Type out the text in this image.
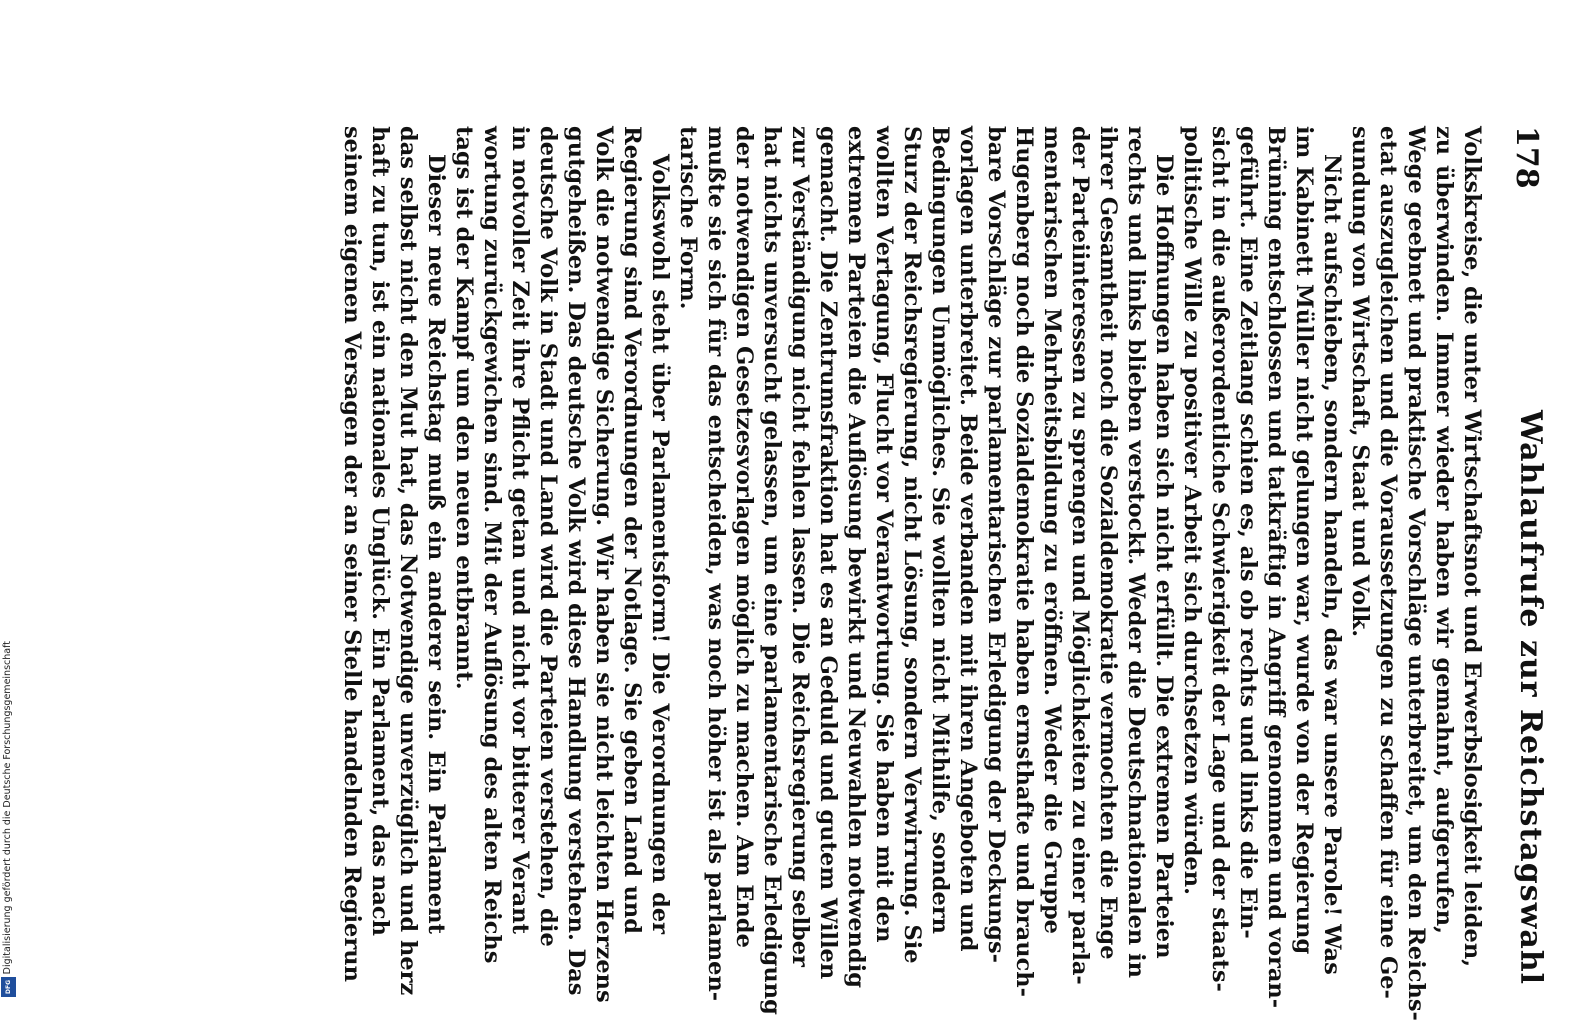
178
Wahlaufrufe zur Reichstagswahl
Volkskreise, die unter Wirtschaftsnot und Erwerbslosigkeit leiden,
zu überwinden. Immer wieder haben wir gemahnt, aufgerufen,
Wege geebnet und praktische Vorschläge unterbreitet, um den Reichs-
etat auszugleichen und die Voraussetzungen zu schaffen für eine Ge-
sundung von Wirtschaft, Staat und Volk.
Nicht aufschieben, sondern handeln, das war unsere Parole! Was
im Kabinett Müller nicht gelungen war, wurde von der Regierung
Brüning entschlossen und tatkräftig in Angriff genommen und voran-
geführt. Eine Zeitlang schien es, als ob rechts und links die Ein-
sicht in die außerordentliche Schwierigkeit der Lage und der staats-
politische Wille zu positiver Arbeit sich durchsetzen würden.
Die Hoffnungen haben sich nicht erfüllt. Die extremen Parteien
rechts und links blieben verstockt. Weder die Deutschnationalen in
ihrer Gesamtheit noch die Sozialdemokratie vermochten die Enge
der Parteiinteressen zu sprengen und Möglichkeiten zu einer parla-
mentarischen Mehrheitsbildung zu eröffnen. Weder die Gruppe
Hugenberg noch die Sozialdemokratie haben ernsthafte und brauch-
bare Vorschläge zur parlamentarischen Erledigung der Deckungs-
vorlagen unterbreitet. Beide verbanden mit ihren Angeboten und
Bedingungen Unmögliches. Sie wollten nicht Mithilfe, sondern
Sturz der Reichsregierung, nicht Lösung, sondern Verwirrung. Sie
wollten Vertagung, Flucht vor Verantwortung. Sie haben mit den
extremen Parteien die Auflösung bewirkt und Neuwahlen notwendig
gemacht. Die Zentrumsfraktion hat es an Geduld und gutem Willen
zur Verständigung nicht fehlen lassen. Die Reichsregierung selber
hat nichts unversucht gelassen, um eine parlamentarische Erledigung
der notwendigen Gesetzesvorlagen möglich zu machen. Am Ende
mußte sie sich für das entscheiden, was noch höher ist als parlamen-
tarische Form.
Volkswohl steht über Parlamentsform! Die Verordnungen der
Regierung sind Verordnungen der Notlage. Sie geben Land und
Volk die notwendige Sicherung. Wir haben sie nicht leichten Herzens
gutgeheißen. Das deutsche Volk wird diese Handlung verstehen. Das
deutsche Volk in Stadt und Land wird die Parteien verstehen, die
in notvoller Zeit ihre Pflicht getan und nicht vor bitterer Verant
wortung zurückgewichen sind. Mit der Auflösung des alten Reichs
tags ist der Kampf um den neuen entbrannt.
Dieser neue Reichstag muß ein anderer sein. Ein Parlament
das selbst nicht den Mut hat, das Notwendige unverzüglich und herz
haft zu tun, ist ein nationales Unglück. Ein Parlament, das nach
seinem eigenen Versagen der an seiner Stelle handelnden Regierun
Digitalisierung gefördert durch die Deutsche Forschungsgemeinschaft
DFG
